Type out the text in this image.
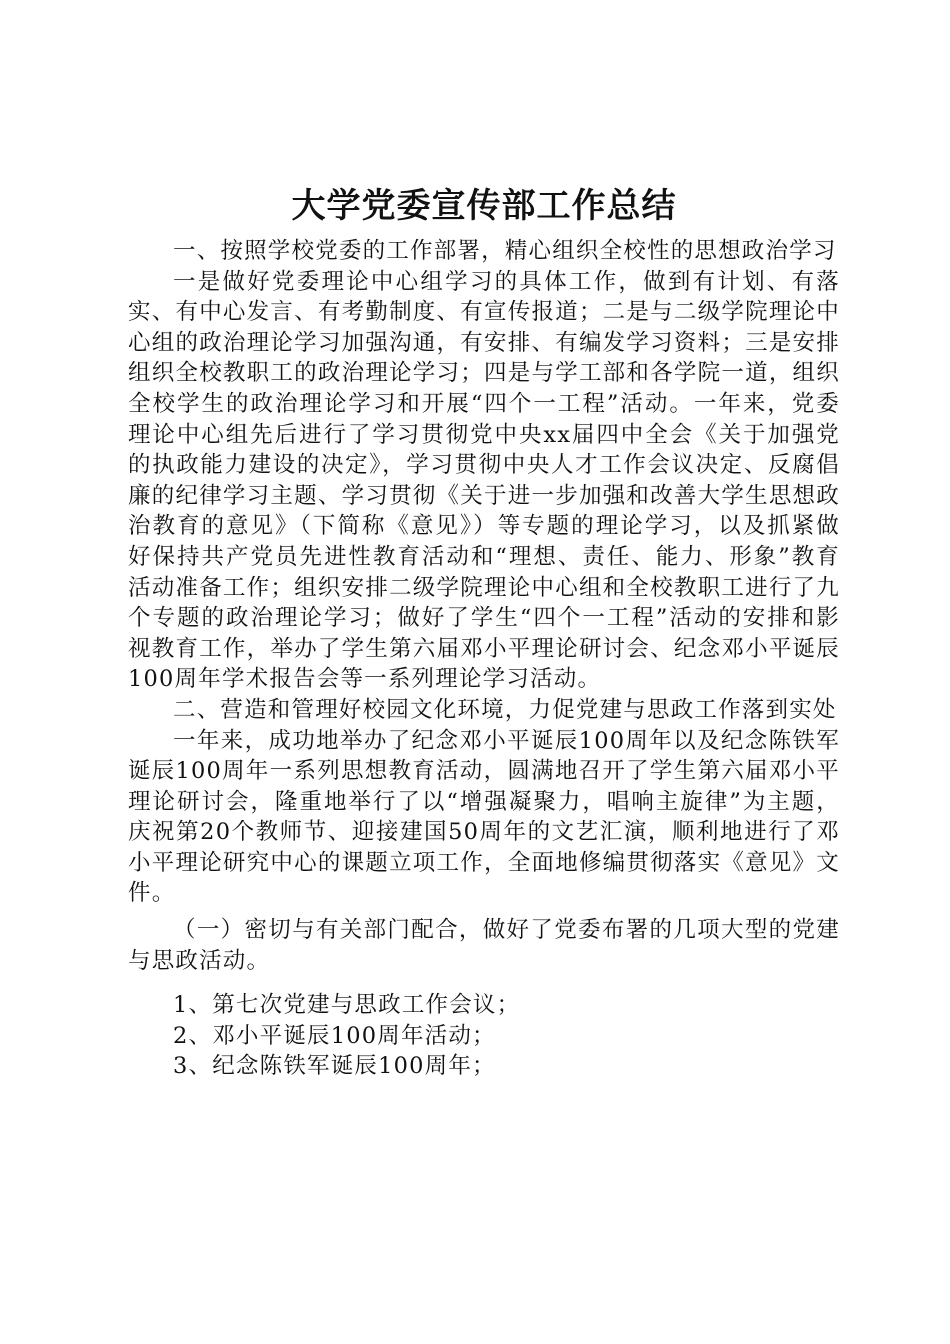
大学党委宣传部工作总结

一、按照学校党委的工作部署，精心组织全校性的思想政治学习

一是做好党委理论中心组学习的具体工作，做到有计划、有落实、有中心发言、有考勤制度、有宣传报道；二是与二级学院理论中心组的政治理论学习加强沟通，有安排、有编发学习资料；三是安排组织全校教职工的政治理论学习；四是与学工部和各学院一道，组织全校学生的政治理论学习和开展“四个一工程”活动。一年来，党委理论中心组先后进行了学习贯彻党中央xx届四中全会《关于加强党的执政能力建设的决定》，学习贯彻中央人才工作会议决定、反腐倡廉的纪律学习主题、学习贯彻《关于进一步加强和改善大学生思想政治教育的意见》（下简称《意见》）等专题的理论学习，以及抓紧做好保持共产党员先进性教育活动和“理想、责任、能力、形象”教育活动准备工作；组织安排二级学院理论中心组和全校教职工进行了九个专题的政治理论学习；做好了学生“四个一工程”活动的安排和影视教育工作，举办了学生第六届邓小平理论研讨会、纪念邓小平诞辰100周年学术报告会等一系列理论学习活动。

二、营造和管理好校园文化环境，力促党建与思政工作落到实处

一年来，成功地举办了纪念邓小平诞辰100周年以及纪念陈铁军诞辰100周年一系列思想教育活动，圆满地召开了学生第六届邓小平理论研讨会，隆重地举行了以“增强凝聚力，唱响主旋律”为主题，庆祝第20个教师节、迎接建国50周年的文艺汇演，顺利地进行了邓小平理论研究中心的课题立项工作，全面地修编贯彻落实《意见》文件。

（一）密切与有关部门配合，做好了党委布署的几项大型的党建与思政活动。

1、第七次党建与思政工作会议；

2、邓小平诞辰100周年活动；

3、纪念陈铁军诞辰100周年；
